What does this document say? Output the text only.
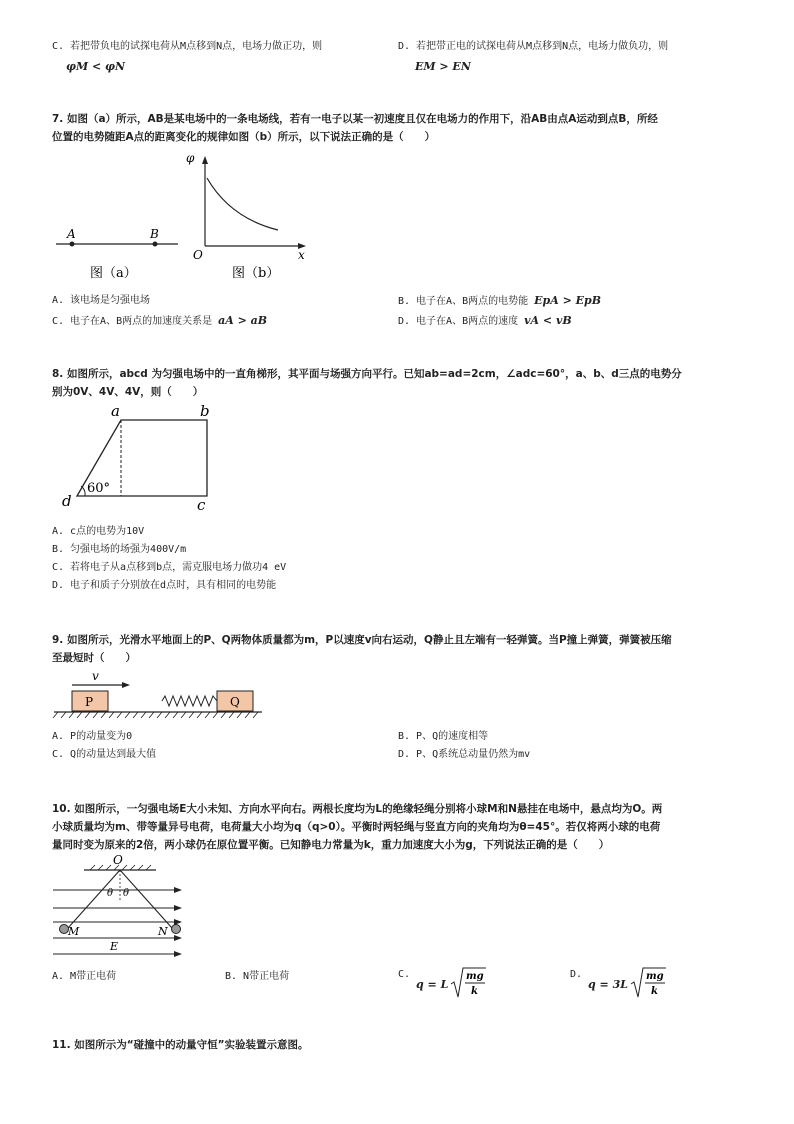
C. 若把带负电的试探电荷从M点移到N点，电场力做正功，则
φM < φN
D. 若把带正电的试探电荷从M点移到N点，电场力做负功，则
EM > EN
7. 如图（a）所示，AB是某电场中的一条电场线，若有一电子以某一初速度且仅在电场力的作用下，沿AB由点A运动到点B，所经
位置的电势随距A点的距离变化的规律如图（b）所示，以下说法正确的是（　　）
A	B
图（a）
φ
O	x
图（b）
A. 该电场是匀强电场	B. 电子在A、B两点的电势能 EpA > EpB
C. 电子在A、B两点的加速度关系是 aA > aB	D. 电子在A、B两点的速度 vA < vB
8. 如图所示，abcd 为匀强电场中的一直角梯形，其平面与场强方向平行。已知ab=ad=2cm，∠adc=60°，a、b、d三点的电势分
别为0V、4V、4V，则（　　）
a	b
c
d
60°
A. c点的电势为10V
B. 匀强电场的场强为400V/m
C. 若将电子从a点移到b点，需克服电场力做功4 eV
D. 电子和质子分别放在d点时，具有相同的电势能
9. 如图所示，光滑水平地面上的P、Q两物体质量都为m，P以速度v向右运动，Q静止且左端有一轻弹簧。当P撞上弹簧，弹簧被压缩
至最短时（　　）
v
P	Q
A. P的动量变为0	B. P、Q的速度相等
C. Q的动量达到最大值	D. P、Q系统总动量仍然为mv
10. 如图所示，一匀强电场E大小未知、方向水平向右。两根长度均为L的绝缘轻绳分别将小球M和N悬挂在电场中，悬点均为O。两
小球质量均为m、带等量异号电荷，电荷量大小均为q（q>0）。平衡时两轻绳与竖直方向的夹角均为θ=45°。若仅将两小球的电荷
量同时变为原来的2倍，两小球仍在原位置平衡。已知静电力常量为k，重力加速度大小为g，下列说法正确的是（　　）
O
θ θ
M	N
E
A. M带正电荷	B. N带正电荷	C.
q = L
mg
k
D.
q = 3L
mg
k
11. 如图所示为“碰撞中的动量守恒”实验装置示意图。
